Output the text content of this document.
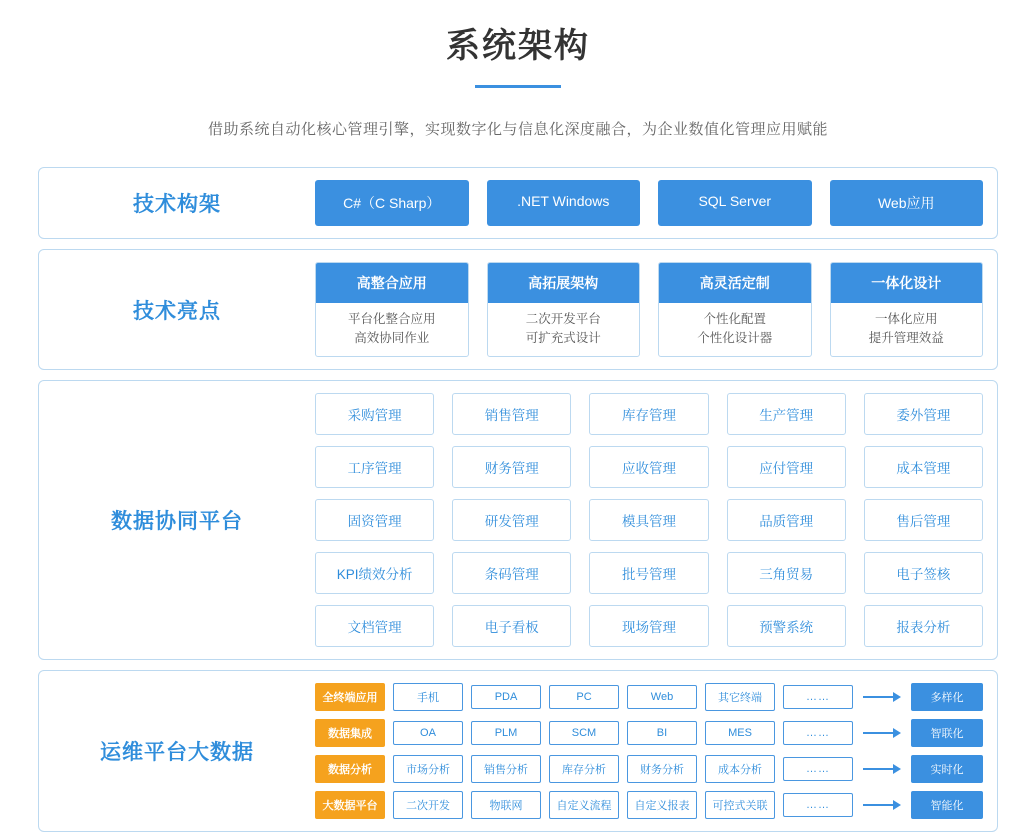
系统架构
借助系统自动化核心管理引擎，实现数字化与信息化深度融合，为企业数值化管理应用赋能
技术构架	C#（C Sharp）	.NET Windows	SQL Server	Web应用
技术亮点
高整合应用
平台化整合应用
高效协同作业
高拓展架构
二次开发平台
可扩充式设计
高灵活定制
个性化配置
个性化设计器
一体化设计
一体化应用
提升管理效益
数据协同平台
采购管理	销售管理	库存管理	生产管理	委外管理
工序管理	财务管理	应收管理	应付管理	成本管理
固资管理	研发管理	模具管理	品质管理	售后管理
KPI绩效分析	条码管理	批号管理	三角贸易	电子签核
文档管理	电子看板	现场管理	预警系统	报表分析
运维平台大数据
全终端应用	手机	PDA	PC	Web	其它终端	……	多样化
数据集成	OA	PLM	SCM	BI	MES	……	智联化
数据分析	市场分析	销售分析	库存分析	财务分析	成本分析	……	实时化
大数据平台	二次开发	物联网	自定义流程	自定义报表	可控式关联	……	智能化
